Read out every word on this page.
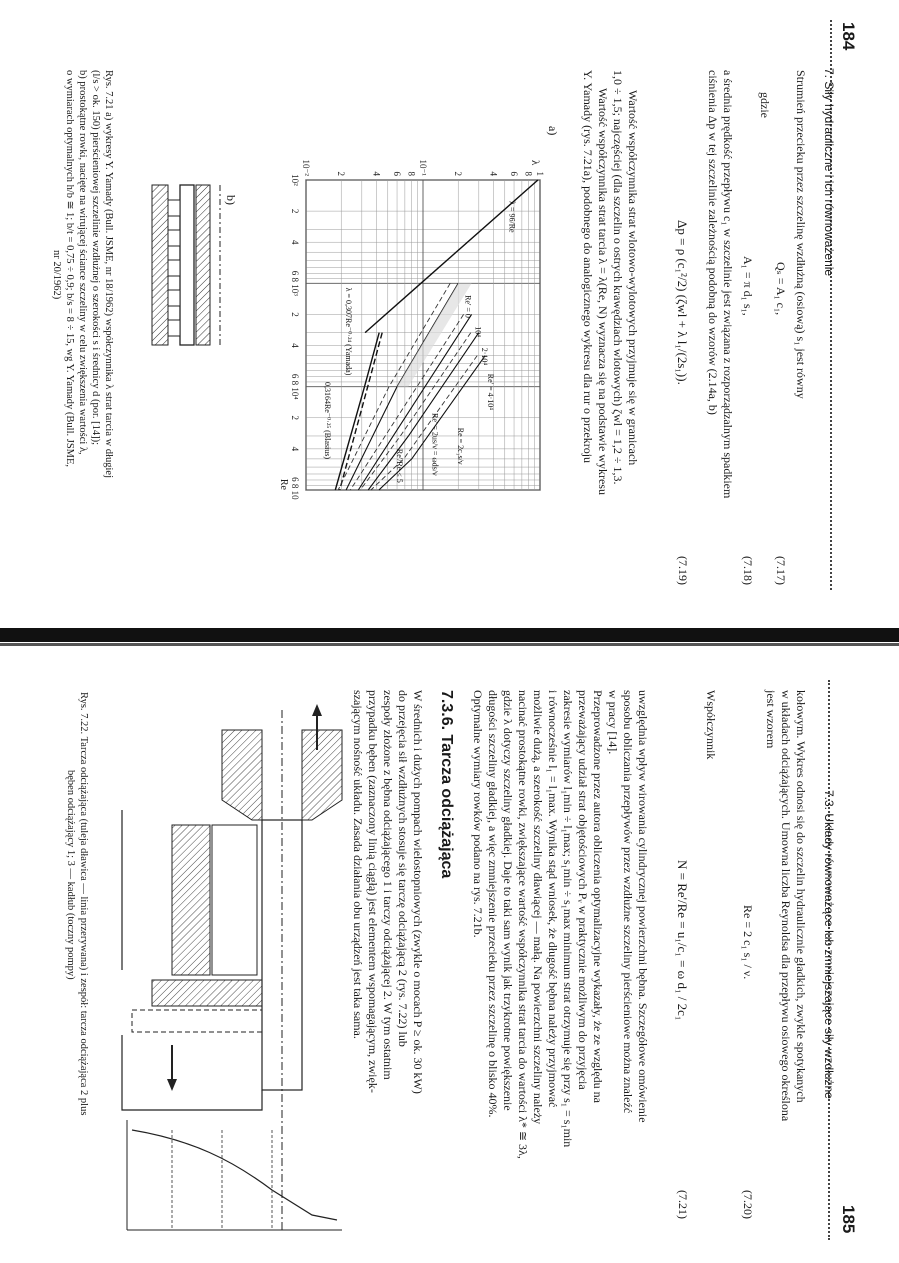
184
7. Siły hydrauliczne i ich równoważenie
Strumień przecieku przez szczelinę wzdłużną (osiową) s₁ jest równy
Qₛ = A₁ c₁,
(7.17)
gdzie
A₁ = π d₁ s₁,
(7.18)
a średnia prędkość przepływu c₁ w szczelinie jest związana z rozporządzalnym spadkiem
ciśnienia Δp w tej szczelinie zależnością podobną do wzorów (2.14a, b)
Δp = ρ (c₁²/2) (ζwl + λ l₁/(2s₁)).
(7.19)
Wartość współczynnika strat wlotowo-wylotowych przyjmuje się w granicach
1,0 ÷ 1,5; najczęściej (dla szczelin o ostrych krawędziach wlotowych) ζwl = 1,2 ÷ 1,3.
Wartość współczynnika strat tarcia λ = λ(Re, N) wyznacza się na podstawie wykresu
Y. Yamady (rys. 7.21a), podobnego do analogicznego wykresu dla rur o przekroju
a)
10²
2
4
6 8 10³
2
4
6 8 10⁴
2
4
6 8 10⁵
Re
1
8
6
4
2
10⁻¹
8
6
4
2
10⁻²	λ
Re' = 0
10⁴
2·10⁴
Re' = 4·10⁴
Re = 2c₁s/ν
Re' = 2us/ν = ωds/ν
Re'/Re ≤ 5
λ = 96/Re
λ = 0,307Re⁻⁰·²⁴ (Yamada)
0,3164Re⁻⁰·²⁵ (Blasius)
b)
Rys. 7.21 a) wykresy Y. Yamady (Bull. JSME, nr 18/1962) współczynnika λ strat tarcia w długiej
(l/s > ok. 150) pierścieniowej szczelinie wzdłużnej o szerokości s i średnicy d (por. [14]);
b) prostokątne rowki, nacięte na wirującej ściance szczeliny w celu zwiększenia wartości λ,
o wymiarach optymalnych h/b ≅ 1; b/t = 0,75 ÷ 0,9; b/s = 8 ÷ 15, wg Y. Yamady (Bull. JSME,
nr 20/1962)
7.3. Układy równoważące lub zmniejszające siły wzdłużne
185
kołowym. Wykres odnosi się do szczelin hydraulicznie gładkich, zwykle spotykanych
w układach odciążających. Umowna liczba Reynoldsa dla przepływu osiowego określona
jest wzorem
Re = 2 c₁ s₁ / ν.
(7.20)
Współczynnik
N = Re'/Re = u₁/c₁ = ω d₁ / 2c₁
(7.21)
uwzględnia wpływ wirowania cylindrycznej powierzchni bębna. Szczegółowe omówienie
sposobu obliczania przepływów przez wzdłużne szczeliny pierścieniowe można znaleźć
w pracy [14].
Przeprowadzone przez autora obliczenia optymalizacyjne wykazały, że ze względu na
przeważający udział strat objętościowych Pᵥ w praktycznie możliwym do przyjęcia
zakresie wymiarów l₁min ÷ l₁max; s₁min ÷ s₁max minimum strat otrzymuje się przy s₁ = s₁min
i równocześnie l₁ = l₁max. Wynika stąd wniosek, że długość bębna należy przyjmować
możliwie dużą, a szerokość szczeliny dławiącej — małą. Na powierzchni szczeliny należy
nacinać prostokątne rowki, zwiększające wartość współczynnika strat tarcia do wartości λ* ≅ 3λ,
gdzie λ dotyczy szczeliny gładkiej. Daje to taki sam wynik jak trzykrotne powiększenie
długości szczeliny gładkiej, a więc zmniejszenie przecieku przez szczelinę o blisko 40%.
Optymalne wymiary rowków podano na rys. 7.21b.
7.3.6. Tarcza odciążająca
W średnich i dużych pompach wielostopniowych (zwykle o mocach P ≥ ok. 30 kW)
do przejęcia sił wzdłużnych stosuje się tarczę odciążającą 2 (rys. 7.22) lub
zespoły złożone z bębna odciążającego 1 i tarczy odciążającej 2. W tym ostatnim
przypadku bęben (zaznaczony linią ciągłą) jest elementem wspomagającym, zwięk-
szającym nośność układu. Zasada działania obu urządzeń jest taka sama.
Rys. 7.22. Tarcza odciążająca (tuleja dławica — linia przerywana) i zespół: tarcza odciążająca 2 plus
bęben odciążający 1; 3 — kadłub (toczny pompy)
